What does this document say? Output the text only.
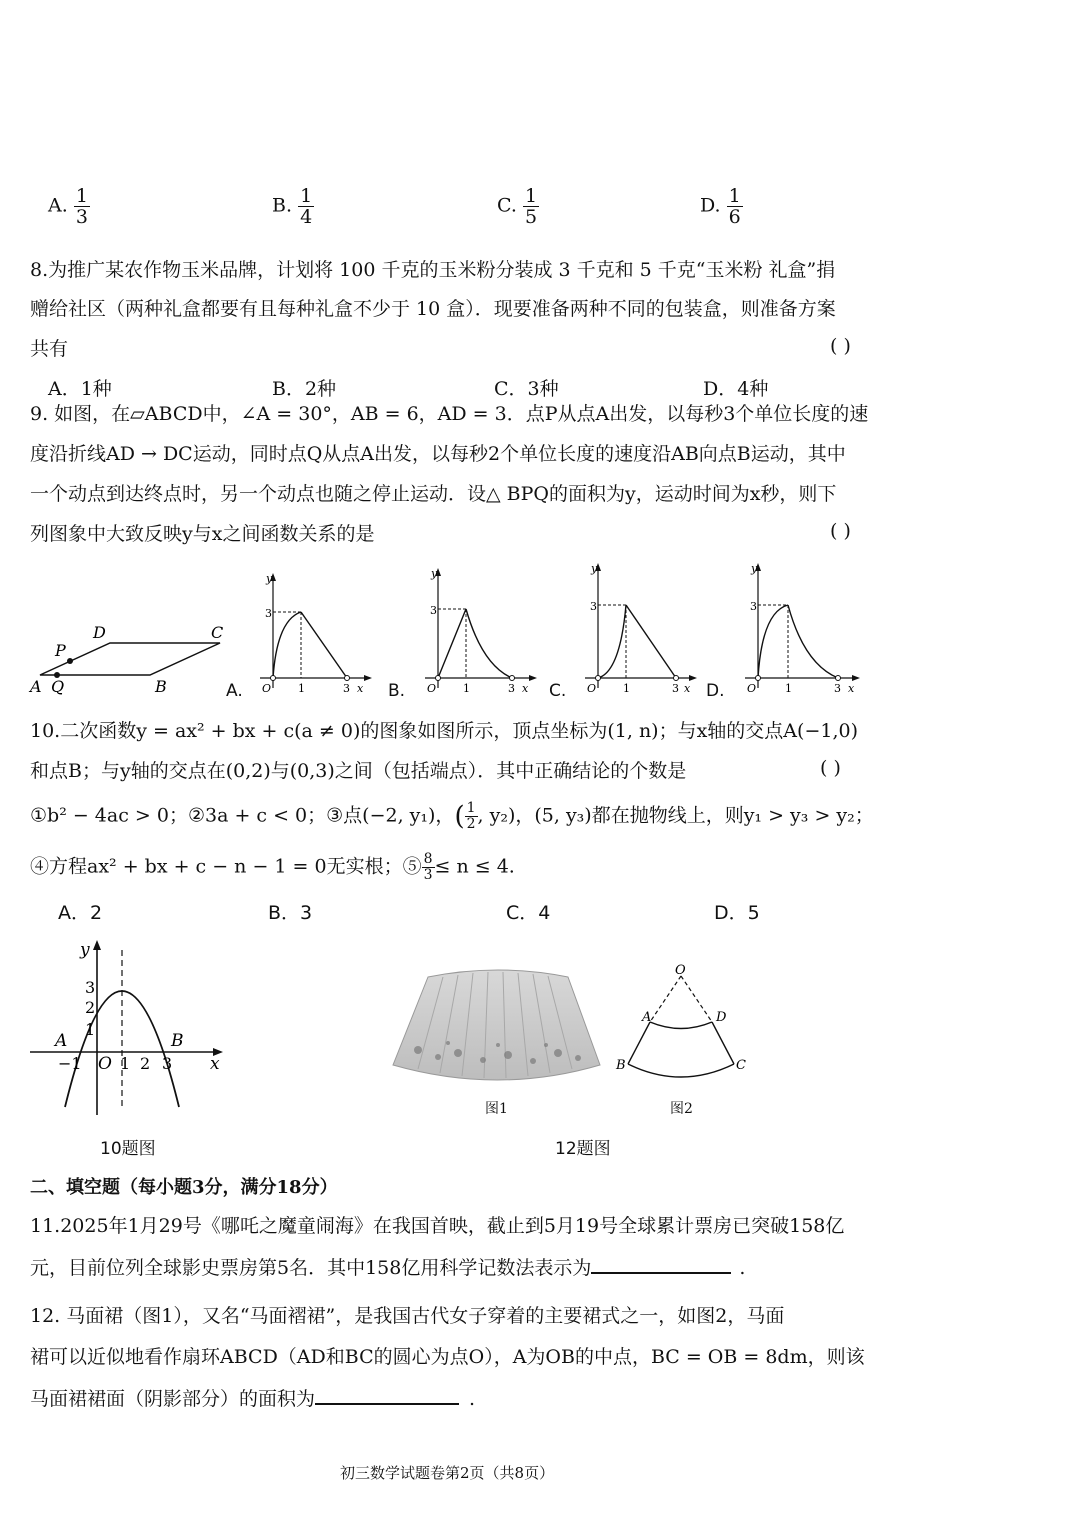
A. $\frac{1}{3}$	B. $\frac{1}{4}$	C. $\frac{1}{5}$	D. $\frac{1}{6}$
8.为推广某农作物玉米品牌，计划将 100 千克的玉米粉分装成 3 千克和 5 千克“玉米粉 礼盒”捐
赠给社区（两种礼盒都要有且每种礼盒不少于 10 盒）．现要准备两种不同的包装盒，则准备方案
共有	( )
A．1种	B．2种	C．3种	D．4种
9. 如图，在▱ABCD中，∠A = 30°，AB = 6，AD = 3．点P从点A出发，以每秒3个单位长度的速
度沿折线AD → DC运动，同时点Q从点A出发，以每秒2个单位长度的速度沿AB向点B运动，其中
一个动点到达终点时，另一个动点也随之停止运动．设△ BPQ的面积为y，运动时间为x秒，则下
列图象中大致反映y与x之间函数关系的是	( )
A	B
C
D
P
Q
y
3
O 1	3 x
A.
y
3
O 1	3 x
B.
y
3
O 1	3 x
C.
y
3
O	1	3 x
D.
10.二次函数y = ax² + bx + c(a ≠ 0)的图象如图所示，顶点坐标为(1, n)；与x轴的交点A(−1,0)
和点B；与y轴的交点在(0,2)与(0,3)之间（包括端点）．其中正确结论的个数是	( )
①b² − 4ac > 0；②3a + c < 0；③点(−2, y₁)，( $\frac{1}{2}$ , y₂)，(5, y₃)都在抛物线上，则y₁ > y₃ > y₂；
④方程ax² + bx + c − n − 1 = 0无实根；⑤ $\frac{8}{3} \le n \le 4$.
A．2	B．3	C．4	D．5
y
x
O
A	B
−1 1 2 3
1
2
3
10题图
图1
O
A	D
B	C
图2
12题图
二、填空题（每小题3分，满分18分）
11.2025年1月29号《哪吒之魔童闹海》在我国首映，截止到5月19号全球累计票房已突破158亿
元，目前位列全球影史票房第5名．其中158亿用科学记数法表示为	.
12. 马面裙（图1），又名“马面褶裙”，是我国古代女子穿着的主要裙式之一，如图2，马面
裙可以近似地看作扇环ABCD（AD和BC的圆心为点O），A为OB的中点，BC = OB = 8dm，则该
马面裙裙面（阴影部分）的面积为	.
初三数学试题卷第2页（共8页）
